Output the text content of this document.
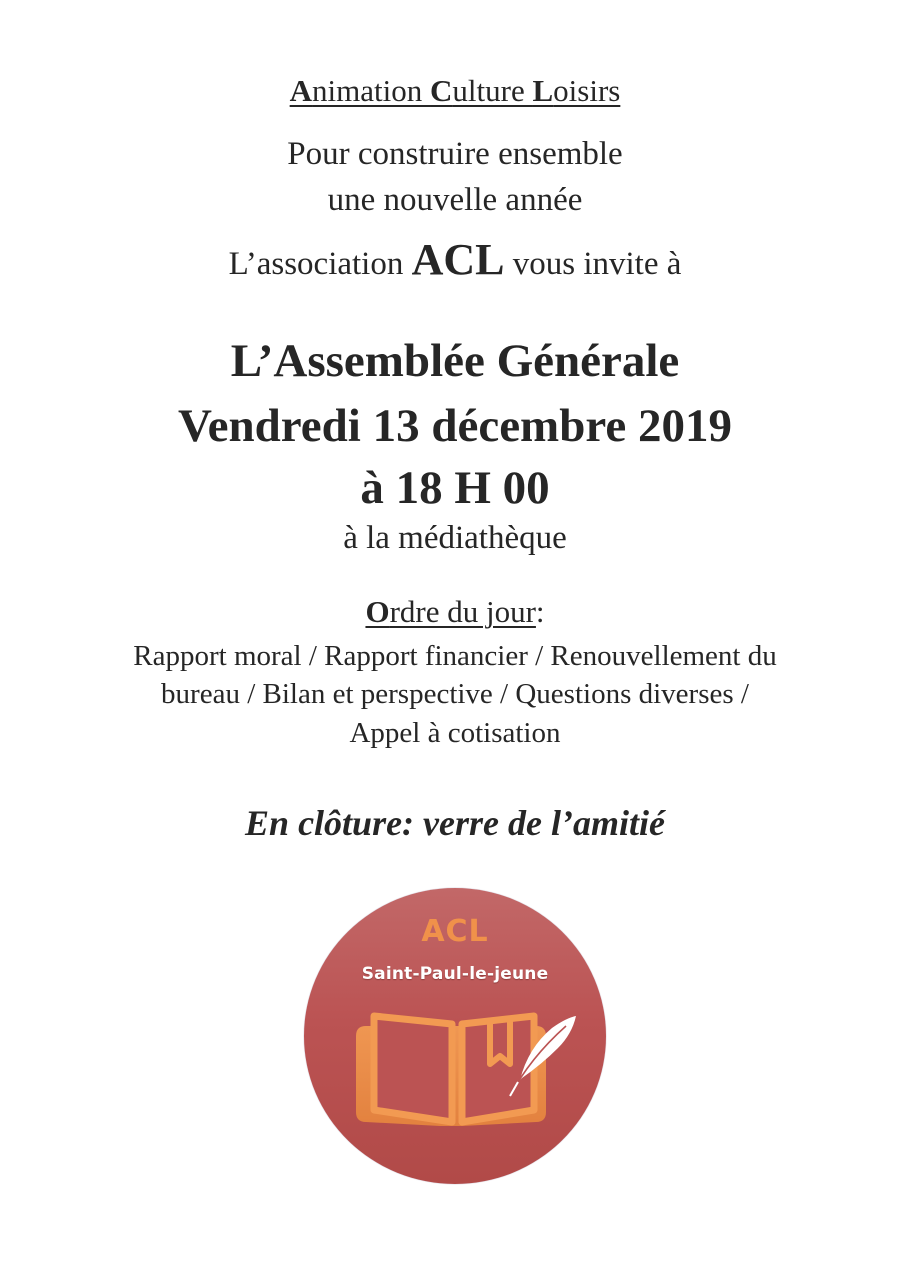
Animation Culture Loisirs
Pour construire ensemble
une nouvelle année
L’association ACL vous invite à
L’Assemblée Générale
Vendredi 13 décembre 2019
à 18 H 00
à la médiathèque
Ordre du jour:
Rapport moral / Rapport financier / Renouvellement du
bureau / Bilan et perspective / Questions diverses /
Appel à cotisation
En clôture: verre de l’amitié
ACL
Saint-Paul-le-jeune
